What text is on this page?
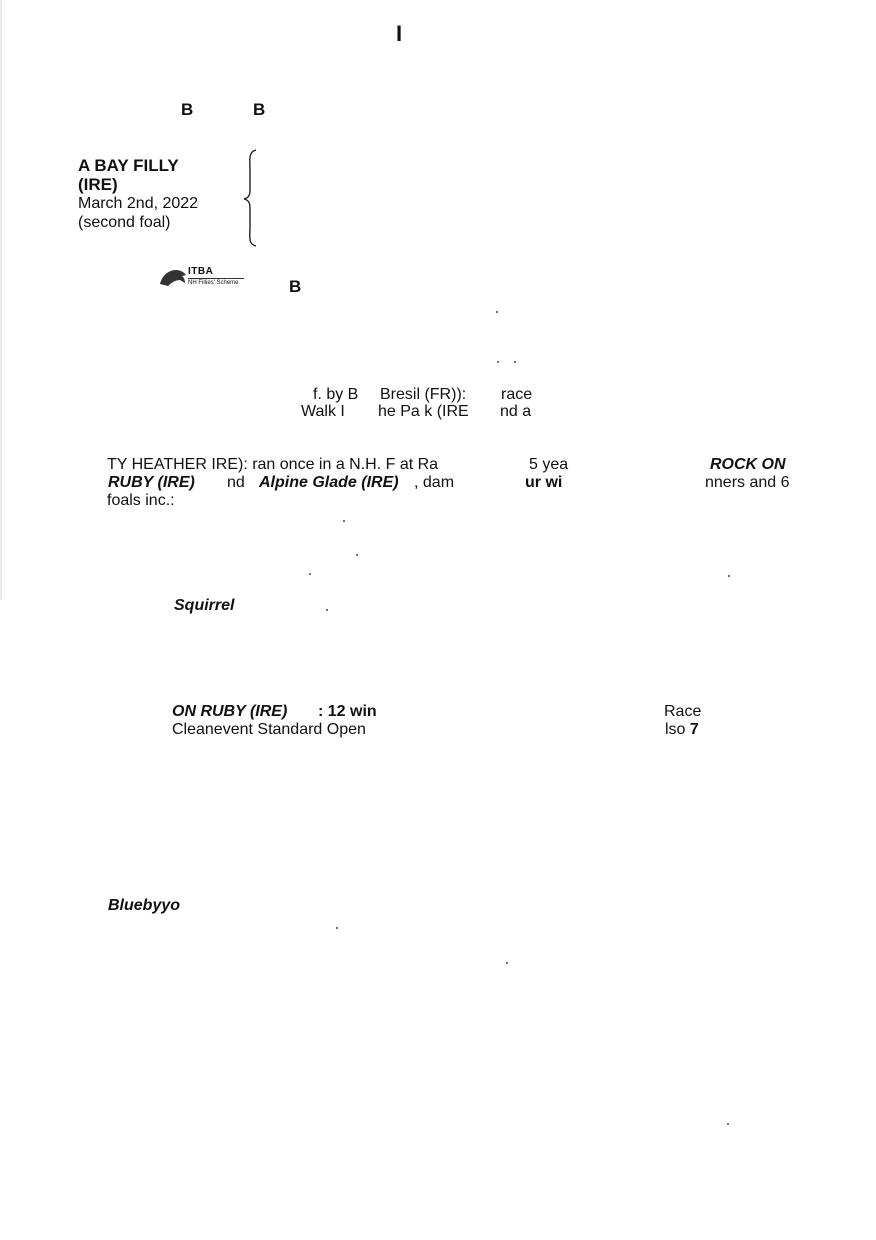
I
B	B
A BAY FILLY
(IRE)
March 2nd, 2022
(second foal)
ITBA
NH Fillies' Scheme	B
f. by B Bresil (FR)): race
Walk I he Pa k (IRE nd a
TY HEATHER IRE): ran once in a N.H. F at Ra	5 yea	ROCK ON
RUBY (IRE) nd Alpine Glade (IRE) , dam	ur wi	nners and 6
foals inc.:
Squirrel
ON RUBY (IRE) : 12 win	Race
Cleanevent Standard Open	lso 7
Bluebyyo
